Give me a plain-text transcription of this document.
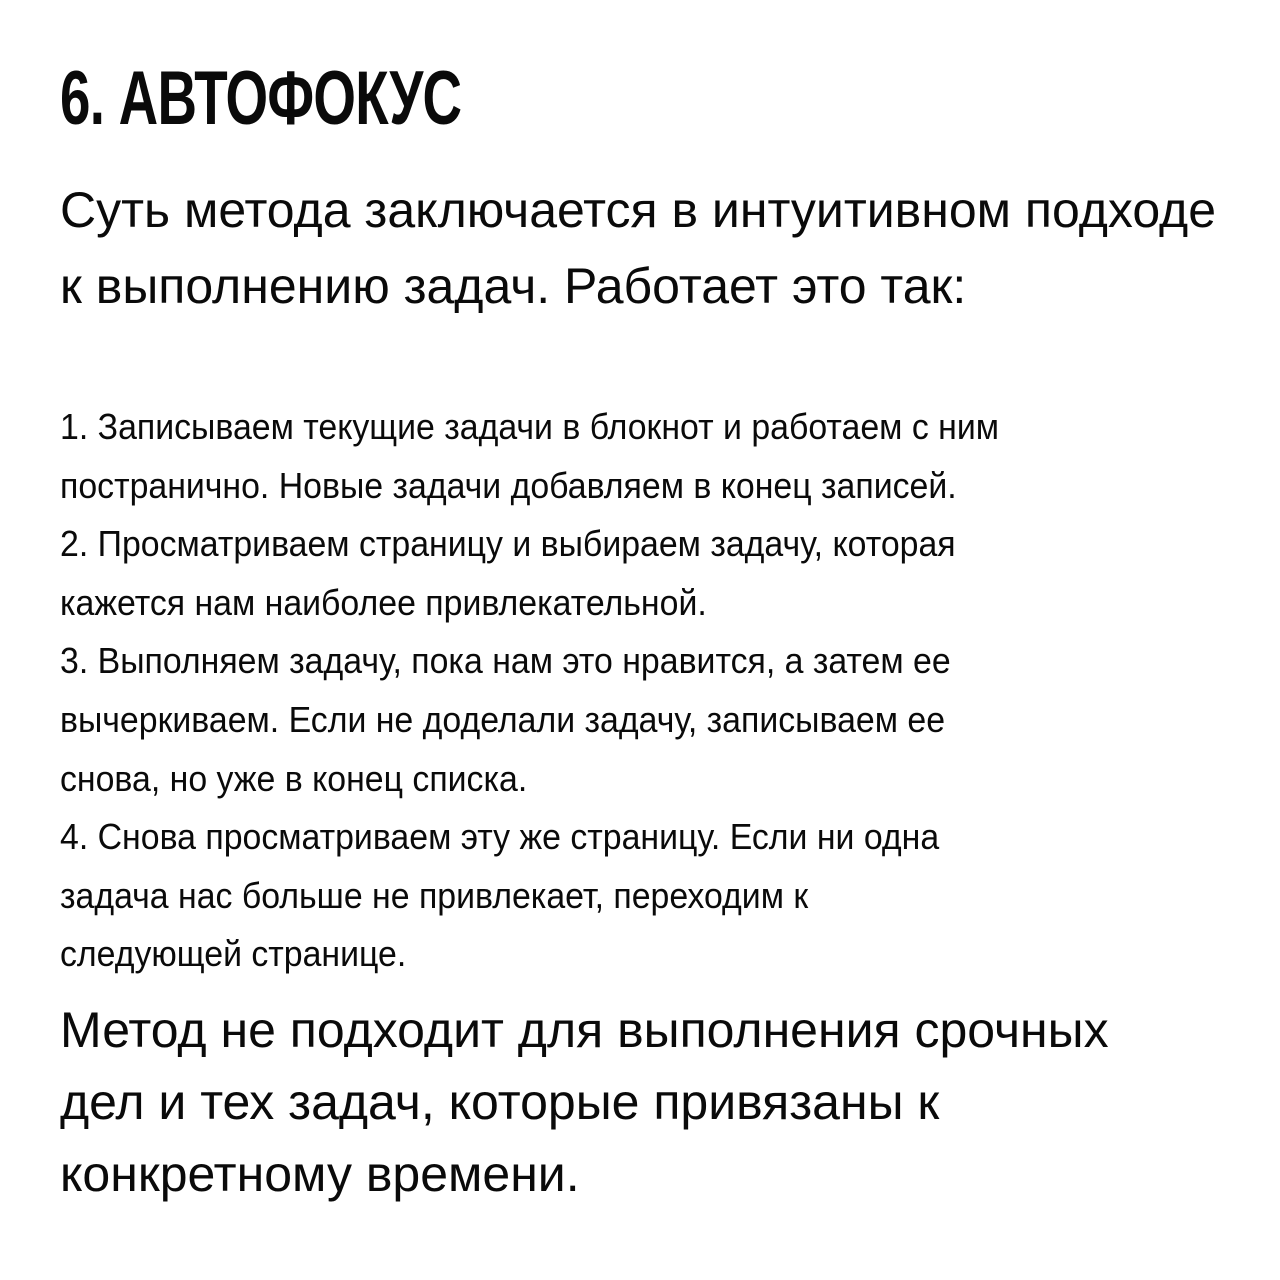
6. АВТОФОКУС

Суть метода заключается в интуитивном подходе к выполнению задач. Работает это так:

1. Записываем текущие задачи в блокнот и работаем с ним
постранично. Новые задачи добавляем в конец записей.
2. Просматриваем страницу и выбираем задачу, которая
кажется нам наиболее привлекательной.
3. Выполняем задачу, пока нам это нравится, а затем ее
вычеркиваем. Если не доделали задачу, записываем ее
снова, но уже в конец списка.
4. Снова просматриваем эту же страницу. Если ни одна
задача нас больше не привлекает, переходим к
следующей странице.

Метод не подходит для выполнения срочных
дел и тех задач, которые привязаны к
конкретному времени.
